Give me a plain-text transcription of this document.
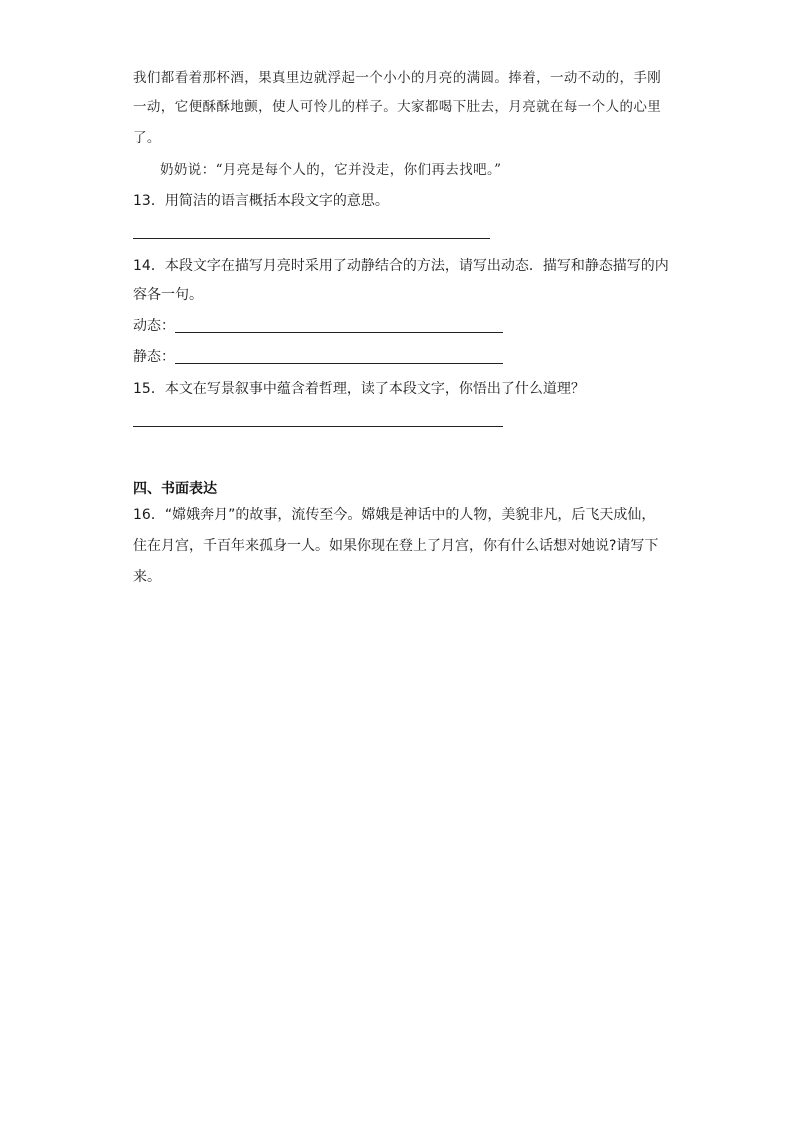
我们都看着那杯酒，果真里边就浮起一个小小的月亮的满圆。捧着，一动不动的，手刚
一动，它便酥酥地颤，使人可怜儿的样子。大家都喝下肚去，月亮就在每一个人的心里
了。
奶奶说：“月亮是每个人的，它并没走，你们再去找吧。”
13．用简洁的语言概括本段文字的意思。
14．本段文字在描写月亮时采用了动静结合的方法，请写出动态．描写和静态描写的内
容各一句。
动态：
静态：
15．本文在写景叙事中蕴含着哲理，读了本段文字，你悟出了什么道理？
四、书面表达
16．“嫦娥奔月”的故事，流传至今。嫦娥是神话中的人物，美貌非凡，后飞天成仙，
住在月宫，千百年来孤身一人。如果你现在登上了月宫，你有什么话想对她说?请写下
来。
